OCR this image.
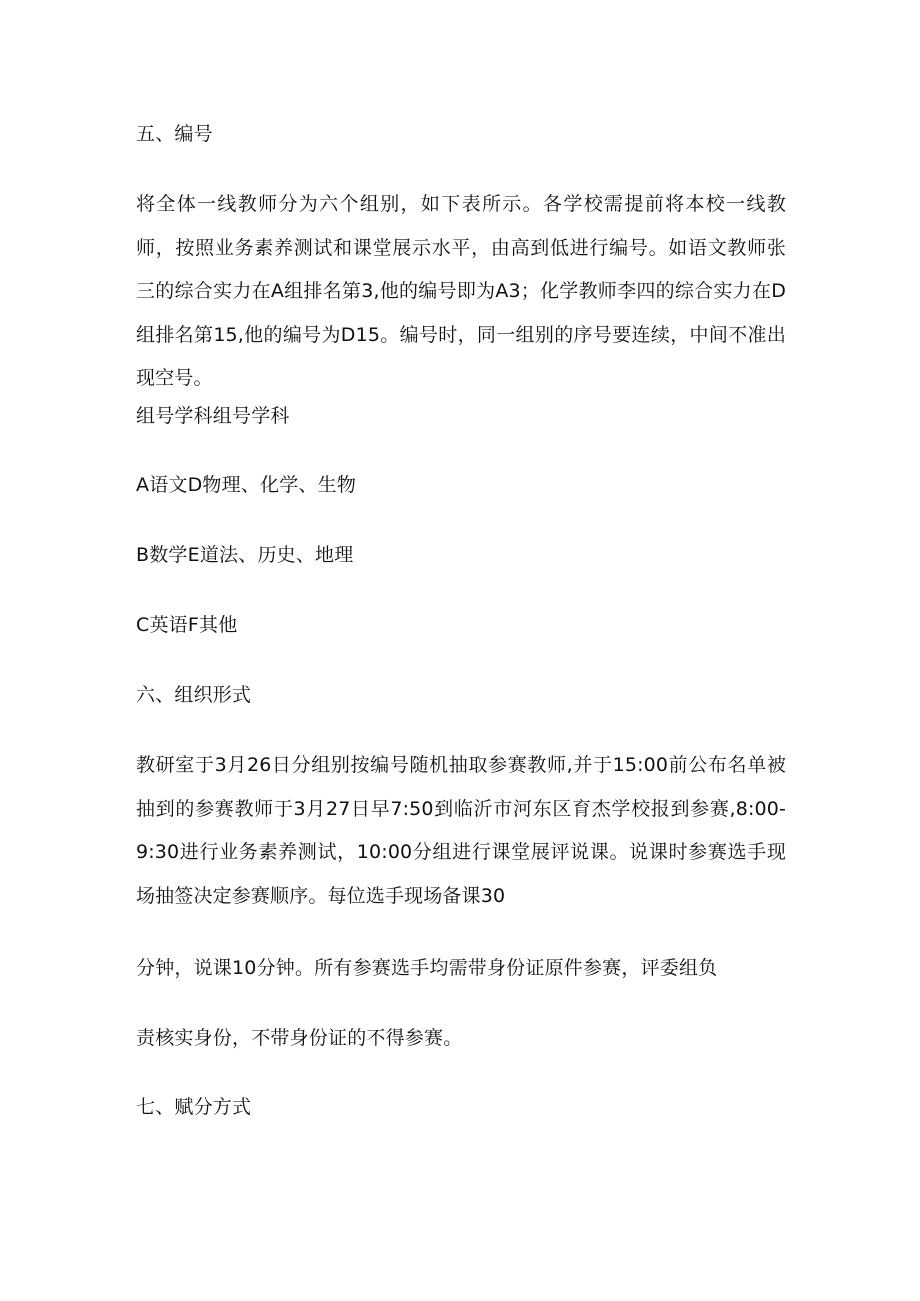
五、编号
将全体一线教师分为六个组别，如下表所示。各学校需提前将本校一线教师，按照业务素养测试和课堂展示水平，由高到低进行编号。如语文教师张三的综合实力在A组排名第3,他的编号即为A3；化学教师李四的综合实力在D组排名第15,他的编号为D15。编号时，同一组别的序号要连续，中间不准出现空号。
组号学科组号学科
A语文D物理、化学、生物
B数学E道法、历史、地理
C英语F其他
六、组织形式
教研室于3月26日分组别按编号随机抽取参赛教师,并于15:00前公布名单被抽到的参赛教师于3月27日早7:50到临沂市河东区育杰学校报到参赛,8:00-9:30进行业务素养测试，10:00分组进行课堂展评说课。说课时参赛选手现场抽签决定参赛顺序。每位选手现场备课30
分钟，说课10分钟。所有参赛选手均需带身份证原件参赛，评委组负
责核实身份，不带身份证的不得参赛。
七、赋分方式
